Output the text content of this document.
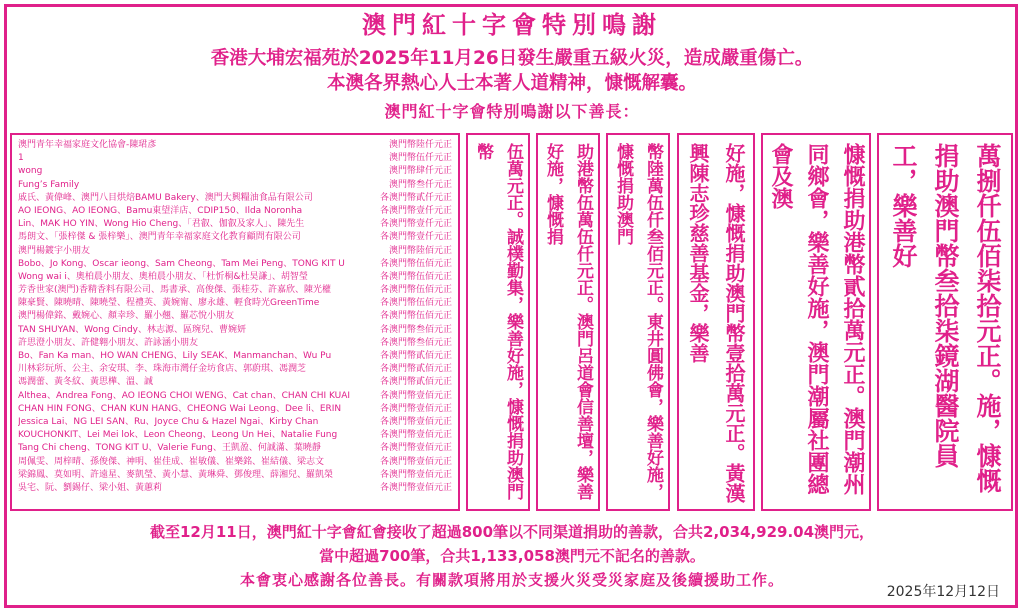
澳門紅十字會特別鳴謝
香港大埔宏福苑於2025年11月26日發生嚴重五級火災，造成嚴重傷亡。
本澳各界熱心人士本著人道精神，慷慨解囊。
澳門紅十字會特別鳴謝以下善長：
澳門青年幸福家庭文化協會-陳珺彥	澳門幣陸仟元正
1	澳門幣伍仟元正
wong	澳門幣肆仟元正
Fung’s Family	澳門幣叁仟元正
戚氏、黃偉峰、澳門八目烘焙BAMU Bakery、澳門大興糧油食品有限公司	各澳門幣貳仟元正
AO IEONG、AO IEONG、Bamu東望洋店、CDIP150、Ilda Noronha	各澳門幣壹仟元正
Lin、MAK HO YIN、Wong Hio Cheng、「君叡、伽叡及家人」、陳先生	各澳門幣壹仟元正
馬朗文、「張梓傑 & 張梓樂」、澳門青年幸福家庭文化教育顧問有限公司	各澳門幣壹仟元正
澳門楊鍍宇小朋友	澳門幣陸佰元正
Bobo、Jo Kong、Oscar ieong、Sam Cheong、Tam Mei Peng、TONG KIT U	各澳門幣伍佰元正
Wong wai i、奧柏晨小朋友、奧柏晨小朋友、「杜忻桐&杜昊謙」、胡智瑩	各澳門幣伍佰元正
芳香世家(澳門)香精香料有限公司、馬書承、高俊傑、張桂芬、許嘉欣、陳光權	各澳門幣伍佰元正
陳豪賢、陳曉晴、陳曉瑩、程禮英、黃婉甯、廖永雄、輕食時光GreenTime	各澳門幣伍佰元正
澳門楊偉銘、戴婉心、顏幸珍、羅小翹、羅芯悅小朋友	各澳門幣伍佰元正
TAN SHUYAN、Wong Cindy、林志源、區琬兒、曹婉妍	各澳門幣叁佰元正
許思澄小朋友、許健翱小朋友、許詠涵小朋友	各澳門幣叁佰元正
Bo、Fan Ka man、HO WAN CHENG、Lily SEAK、Manmanchan、Wu Pu	各澳門幣貳佰元正
川林彩玩所、公主、余安琪、李、珠海市灣仔金坊食店、郭蔚琪、馮潤芝	各澳門幣貳佰元正
馮潤蕾、黃冬紋、黃思樺、溫、誠	各澳門幣貳佰元正
Althea、Andrea Fong、AO IEONG CHOI WENG、Cat chan、CHAN CHI KUAI	各澳門幣壹佰元正
CHAN HIN FONG、CHAN KUN HANG、CHEONG Wai Leong、Dee li、ERIN	各澳門幣壹佰元正
Jessica Lai、NG LEI SAN、Ru、Joyce Chu & Hazel Ngai、Kirby Chan	各澳門幣壹佰元正
KOUCHONKIT、Lei Mei lok、Leon Cheong、Leong Un Hei、Natalie Fung	各澳門幣壹佰元正
Tang Chi cheng、TONG KIT U、Valerie Fung、王凱盈、何誠滿、葉曉靜	各澳門幣壹佰元正
周佩雯、周梓晴、孫俊傑、神明、崔佳成、崔敏儀、崔樂銘、崔結儀、梁志文	各澳門幣壹佰元正
梁錦鳳、莫如明、許遠星、麥凱瑩、黃小慧、黃琳舜、鄧俊理、薛湘兒、羅凱榮	各澳門幣壹佰元正
吳宅、阮、劉錫仔、梁小姐、黃蕙莉	各澳門幣壹佰元正	伍萬元正。誠樸勤集，樂善好施，慷慨捐助澳門幣	助港幣伍萬伍仟元正。澳門呂道會信善壇，樂善好施，慷慨捐	幣陸萬伍仟叁佰元正。東井圓佛會，樂善好施，慷慨捐助澳門	好施，慷慨捐助澳門幣壹拾萬元正。黃漢興陳志珍慈善基金，樂善	慷慨捐助港幣貳拾萬元正。澳門潮州同鄉會，樂善好施，澳門潮屬社團總會及澳	萬捌仟伍佰柒拾元正。施，慷慨捐助澳門幣叁拾柒鏡湖醫院員工，樂善好
截至12月11日，澳門紅十字會紅會接收了超過800筆以不同渠道捐助的善款，合共2,034,929.04澳門元，
當中超過700筆，合共1,133,058澳門元不記名的善款。
本會衷心感謝各位善長。有關款項將用於支援火災受災家庭及後續援助工作。
2025年12月12日
